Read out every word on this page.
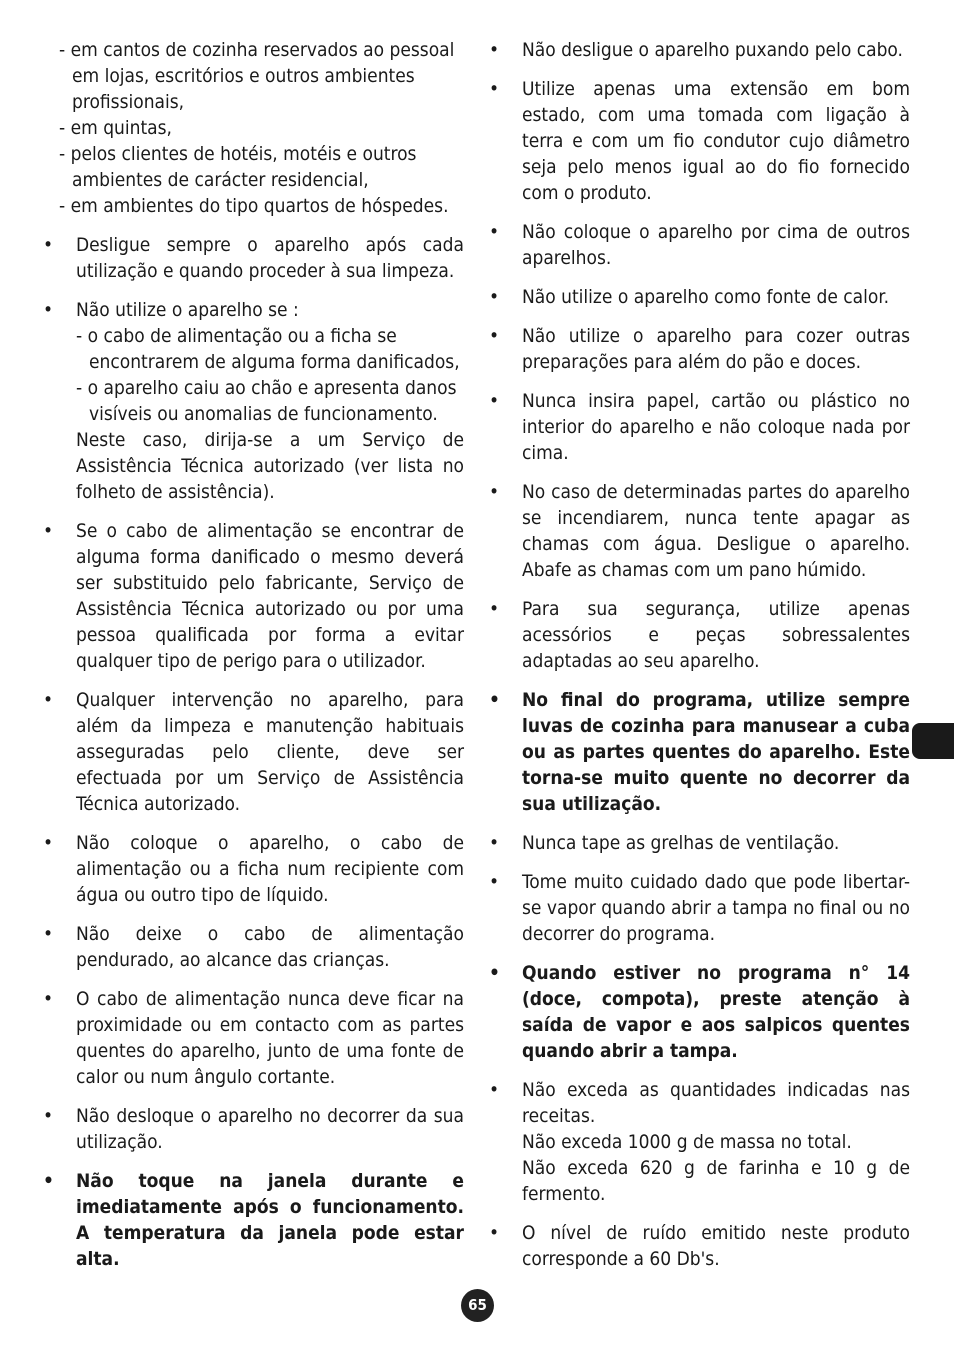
- em cantos de cozinha reservados ao pessoal em lojas, escritórios e outros ambientes profissionais,
- em quintas,
- pelos clientes de hotéis, motéis e outros ambientes de carácter residencial,
- em ambientes do tipo quartos de hóspedes.
• Desligue sempre o aparelho após cada utilização e quando proceder à sua limpeza.
• Não utilize o aparelho se :
- o cabo de alimentação ou a ficha se encontrarem de alguma forma danificados,
- o aparelho caiu ao chão e apresenta danos visíveis ou anomalias de funcionamento.
Neste caso, dirija-se a um Serviço de Assistência Técnica autorizado (ver lista no folheto de assistência).
• Se o cabo de alimentação se encontrar de alguma forma danificado o mesmo deverá ser substituido pelo fabricante, Serviço de Assistência Técnica autorizado ou por uma pessoa qualificada por forma a evitar qualquer tipo de perigo para o utilizador.
• Qualquer intervenção no aparelho, para além da limpeza e manutenção habituais asseguradas pelo cliente, deve ser efectuada por um Serviço de Assistência Técnica autorizado.
• Não coloque o aparelho, o cabo de alimentação ou a ficha num recipiente com água ou outro tipo de líquido.
• Não deixe o cabo de alimentação pendurado, ao alcance das crianças.
• O cabo de alimentação nunca deve ficar na proximidade ou em contacto com as partes quentes do aparelho, junto de uma fonte de calor ou num ângulo cortante.
• Não desloque o aparelho no decorrer da sua utilização.
• Não toque na janela durante e imediatamente após o funcionamento. A temperatura da janela pode estar alta.
• Não desligue o aparelho puxando pelo cabo.
• Utilize apenas uma extensão em bom estado, com uma tomada com ligação à terra e com um fio condutor cujo diâmetro seja pelo menos igual ao do fio fornecido com o produto.
• Não coloque o aparelho por cima de outros aparelhos.
• Não utilize o aparelho como fonte de calor.
• Não utilize o aparelho para cozer outras preparações para além do pão e doces.
• Nunca insira papel, cartão ou plástico no interior do aparelho e não coloque nada por cima.
• No caso de determinadas partes do aparelho se incendiarem, nunca tente apagar as chamas com água. Desligue o aparelho. Abafe as chamas com um pano húmido.
• Para sua segurança, utilize apenas acessórios e peças sobressalentes adaptadas ao seu aparelho.
• No final do programa, utilize sempre luvas de cozinha para manusear a cuba ou as partes quentes do aparelho. Este torna-se muito quente no decorrer da sua utilização.
• Nunca tape as grelhas de ventilação.
• Tome muito cuidado dado que pode libertar-se vapor quando abrir a tampa no final ou no decorrer do programa.
• Quando estiver no programa n° 14 (doce, compota), preste atenção à saída de vapor e aos salpicos quentes quando abrir a tampa.
• Não exceda as quantidades indicadas nas receitas.
Não exceda 1000 g de massa no total.
Não exceda 620 g de farinha e 10 g de fermento.
• O nível de ruído emitido neste produto corresponde a 60 Db's.
65
